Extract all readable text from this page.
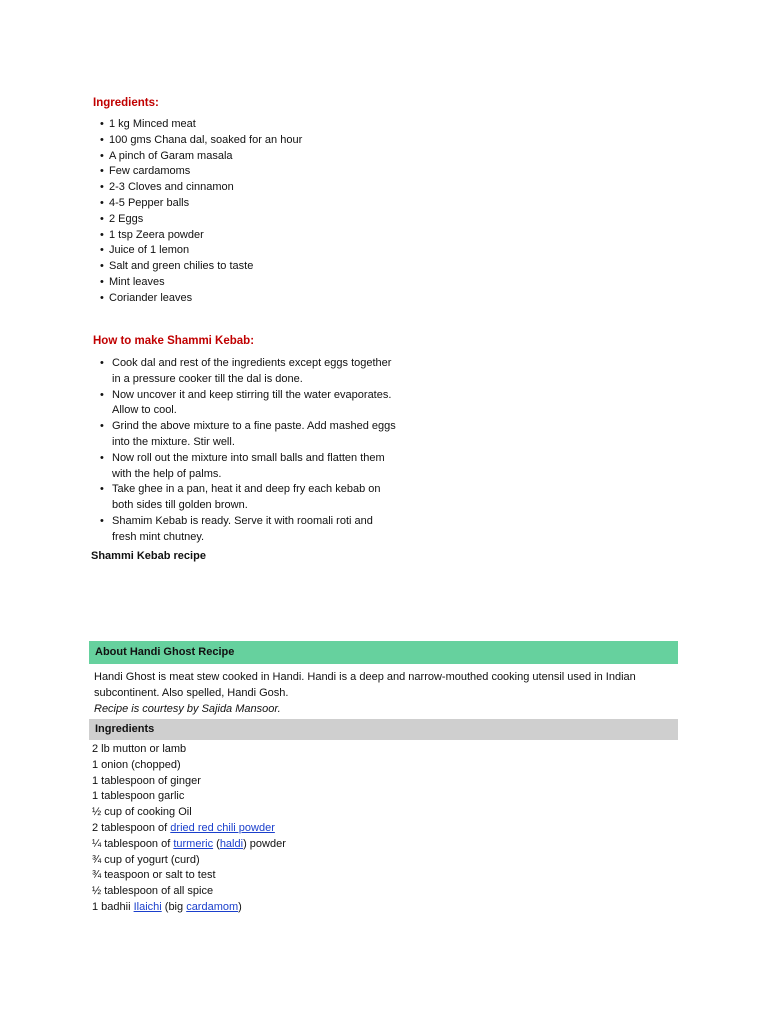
Ingredients:
• 1 kg Minced meat
• 100 gms Chana dal, soaked for an hour
• A pinch of Garam masala
• Few cardamoms
• 2-3 Cloves and cinnamon
• 4-5 Pepper balls
• 2 Eggs
• 1 tsp Zeera powder
• Juice of 1 lemon
• Salt and green chilies to taste
• Mint leaves
• Coriander leaves
How to make Shammi Kebab:
• Cook dal and rest of the ingredients except eggs together in a pressure cooker till the dal is done.
• Now uncover it and keep stirring till the water evaporates. Allow to cool.
• Grind the above mixture to a fine paste. Add mashed eggs into the mixture. Stir well.
• Now roll out the mixture into small balls and flatten them with the help of palms.
• Take ghee in a pan, heat it and deep fry each kebab on both sides till golden brown.
• Shamim Kebab is ready. Serve it with roomali roti and fresh mint chutney.
Shammi Kebab recipe
About Handi Ghost Recipe
Handi Ghost is meat stew cooked in Handi. Handi is a deep and narrow-mouthed cooking utensil used in Indian subcontinent. Also spelled, Handi Gosh.
Recipe is courtesy by Sajida Mansoor.
Ingredients
2 lb mutton or lamb
1 onion (chopped)
1 tablespoon of ginger
1 tablespoon garlic
½ cup of cooking Oil
2 tablespoon of dried red chili powder
¼ tablespoon of turmeric (haldi) powder
¾ cup of yogurt (curd)
¾ teaspoon or salt to test
½ tablespoon of all spice
1 badhii Ilaichi (big cardamom)
